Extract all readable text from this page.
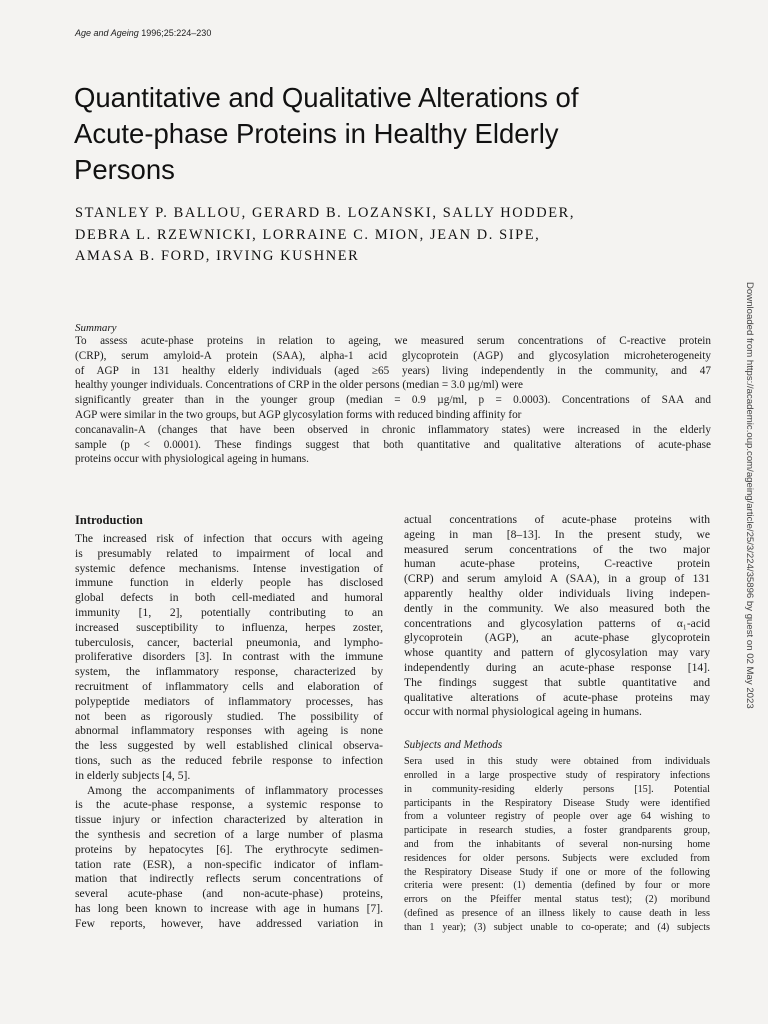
Age and Ageing 1996;25:224–230
Quantitative and Qualitative Alterations of
Acute-phase Proteins in Healthy Elderly
Persons
STANLEY P. BALLOU, GERARD B. LOZANSKI, SALLY HODDER,
DEBRA L. RZEWNICKI, LORRAINE C. MION, JEAN D. SIPE,
AMASA B. FORD, IRVING KUSHNER
Downloaded from https://academic.oup.com/ageing/article/25/3/224/35896 by guest on 02 May 2023
Summary
To assess acute-phase proteins in relation to ageing, we measured serum concentrations of C-reactive protein
(CRP), serum amyloid-A protein (SAA), alpha-1 acid glycoprotein (AGP) and glycosylation microheterogeneity
of AGP in 131 healthy elderly individuals (aged ≥65 years) living independently in the community, and 47
healthy younger individuals. Concentrations of CRP in the older persons (median = 3.0 µg/ml) were
significantly greater than in the younger group (median = 0.9 µg/ml, p = 0.0003). Concentrations of SAA and
AGP were similar in the two groups, but AGP glycosylation forms with reduced binding affinity for
concanavalin-A (changes that have been observed in chronic inflammatory states) were increased in the elderly
sample (p < 0.0001). These findings suggest that both quantitative and qualitative alterations of acute-phase
proteins occur with physiological ageing in humans.
Introduction
The increased risk of infection that occurs with ageing
is presumably related to impairment of local and
systemic defence mechanisms. Intense investigation of
immune function in elderly people has disclosed
global defects in both cell-mediated and humoral
immunity [1, 2], potentially contributing to an
increased susceptibility to influenza, herpes zoster,
tuberculosis, cancer, bacterial pneumonia, and lympho-
proliferative disorders [3]. In contrast with the immune
system, the inflammatory response, characterized by
recruitment of inflammatory cells and elaboration of
polypeptide mediators of inflammatory processes, has
not been as rigorously studied. The possibility of
abnormal inflammatory responses with ageing is none
the less suggested by well established clinical observa-
tions, such as the reduced febrile response to infection
in elderly subjects [4, 5].
Among the accompaniments of inflammatory processes
is the acute-phase response, a systemic response to
tissue injury or infection characterized by alteration in
the synthesis and secretion of a large number of plasma
proteins by hepatocytes [6]. The erythrocyte sedimen-
tation rate (ESR), a non-specific indicator of inflam-
mation that indirectly reflects serum concentrations of
several acute-phase (and non-acute-phase) proteins,
has long been known to increase with age in humans [7].
Few reports, however, have addressed variation in
actual concentrations of acute-phase proteins with
ageing in man [8–13]. In the present study, we
measured serum concentrations of the two major
human acute-phase proteins, C-reactive protein
(CRP) and serum amyloid A (SAA), in a group of 131
apparently healthy older individuals living indepen-
dently in the community. We also measured both the
concentrations and glycosylation patterns of α₁-acid
glycoprotein (AGP), an acute-phase glycoprotein
whose quantity and pattern of glycosylation may vary
independently during an acute-phase response [14].
The findings suggest that subtle quantitative and
qualitative alterations of acute-phase proteins may
occur with normal physiological ageing in humans.
Subjects and Methods
Sera used in this study were obtained from individuals
enrolled in a large prospective study of respiratory infections
in community-residing elderly persons [15]. Potential
participants in the Respiratory Disease Study were identified
from a volunteer registry of people over age 64 wishing to
participate in research studies, a foster grandparents group,
and from the inhabitants of several non-nursing home
residences for older persons. Subjects were excluded from
the Respiratory Disease Study if one or more of the following
criteria were present: (1) dementia (defined by four or more
errors on the Pfeiffer mental status test); (2) moribund
(defined as presence of an illness likely to cause death in less
than 1 year); (3) subject unable to co-operate; and (4) subjects
